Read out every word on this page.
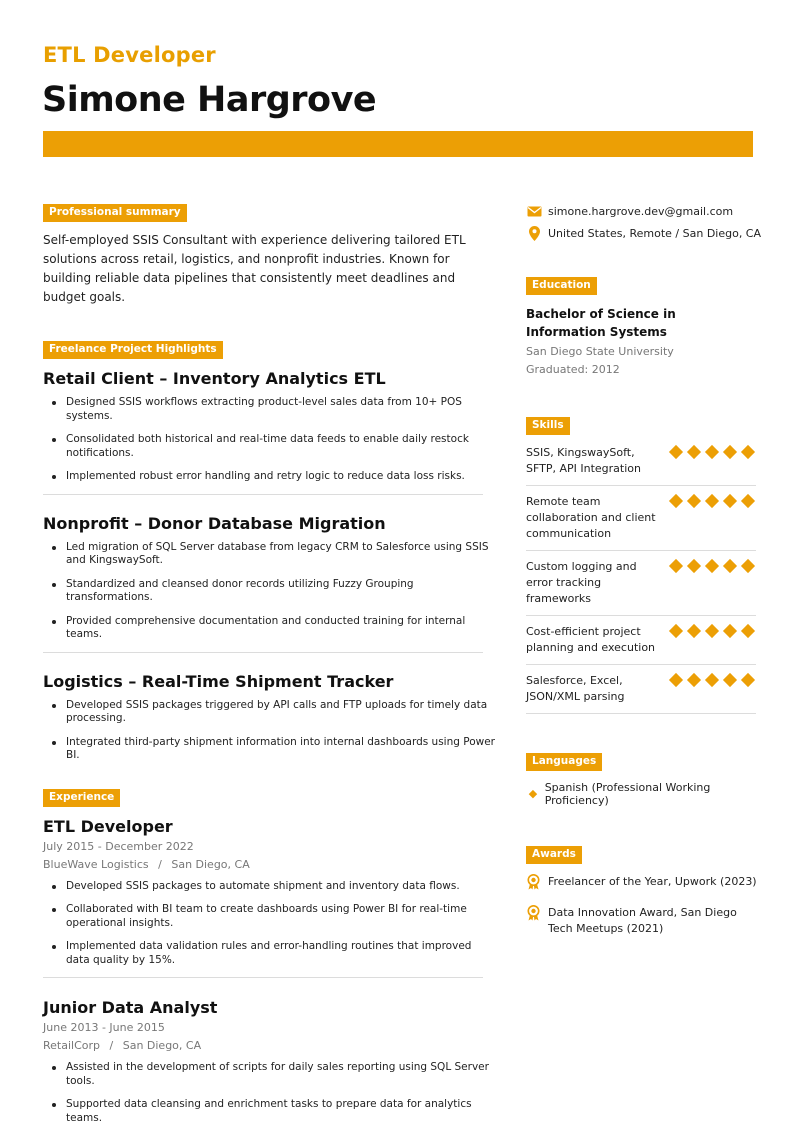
ETL Developer
Simone Hargrove
Professional summary

Self-employed SSIS Consultant with experience delivering tailored ETL solutions across retail, logistics, and nonprofit industries. Known for building reliable data pipelines that consistently meet deadlines and budget goals.

Freelance Project Highlights
Retail Client – Inventory Analytics ETL
Designed SSIS workflows extracting product-level sales data from 10+ POS systems.
Consolidated both historical and real-time data feeds to enable daily restock notifications.
Implemented robust error handling and retry logic to reduce data loss risks.
Nonprofit – Donor Database Migration
Led migration of SQL Server database from legacy CRM to Salesforce using SSIS and KingswaySoft.
Standardized and cleansed donor records utilizing Fuzzy Grouping transformations.
Provided comprehensive documentation and conducted training for internal teams.
Logistics – Real-Time Shipment Tracker
Developed SSIS packages triggered by API calls and FTP uploads for timely data processing.
Integrated third-party shipment information into internal dashboards using Power BI.
Experience
ETL Developer
July 2015 - December 2022
BlueWave Logistics / San Diego, CA
Developed SSIS packages to automate shipment and inventory data flows.
Collaborated with BI team to create dashboards using Power BI for real-time operational insights.
Implemented data validation rules and error-handling routines that improved data quality by 15%.
Junior Data Analyst
June 2013 - June 2015
RetailCorp / San Diego, CA
Assisted in the development of scripts for daily sales reporting using SQL Server tools.
Supported data cleansing and enrichment tasks to prepare data for analytics teams.
simone.hargrove.dev@gmail.com
United States, Remote / San Diego, CA
Education
Bachelor of Science in Information Systems
San Diego State University
Graduated: 2012
Skills
SSIS, KingswaySoft, SFTP, API Integration
Remote team collaboration and client communication
Custom logging and error tracking frameworks
Cost-efficient project planning and execution
Salesforce, Excel, JSON/XML parsing
Languages
Spanish (Professional Working Proficiency)
Awards
Freelancer of the Year, Upwork (2023)
Data Innovation Award, San Diego Tech Meetups (2021)
